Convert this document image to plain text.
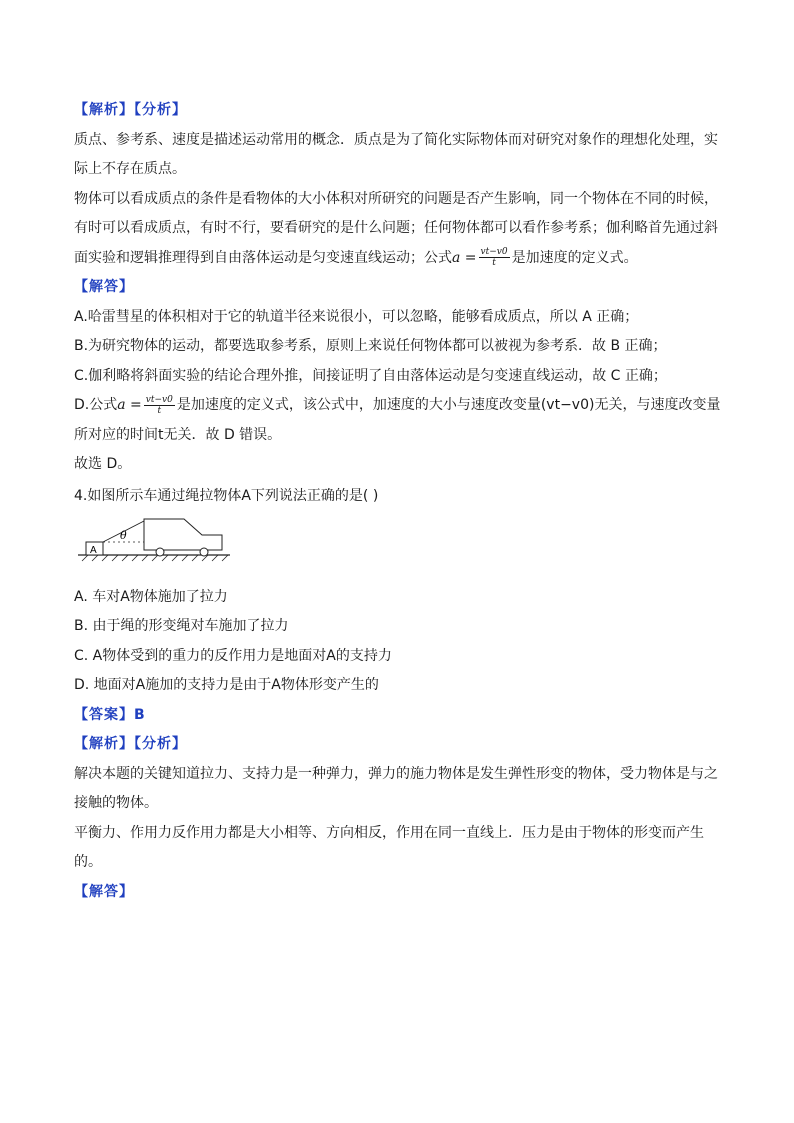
【解析】【分析】
质点、参考系、速度是描述运动常用的概念．质点是为了简化实际物体而对研究对象作的理想化处理，实际上不存在质点。
物体可以看成质点的条件是看物体的大小体积对所研究的问题是否产生影响，同一个物体在不同的时候，有时可以看成质点，有时不行，要看研究的是什么问题；任何物体都可以看作参考系；伽利略首先通过斜面实验和逻辑推理得到自由落体运动是匀变速直线运动；公式$a = \frac{vt-v0}{t}$ 是加速度的定义式。
【解答】
A.哈雷彗星的体积相对于它的轨道半径来说很小，可以忽略，能够看成质点，所以 A 正确；
B.为研究物体的运动，都要选取参考系，原则上来说任何物体都可以被视为参考系．故 B 正确；
C.伽利略将斜面实验的结论合理外推，间接证明了自由落体运动是匀变速直线运动，故 C 正确；
D.公式$a = \frac{vt-v0}{t}$ 是加速度的定义式，该公式中，加速度的大小与速度改变量(vt−v0)无关，与速度改变量所对应的时间t无关．故 D 错误。
故选 D。
4.如图所示车通过绳拉物体A下列说法正确的是( )
A
θ
A. 车对A物体施加了拉力
B. 由于绳的形变绳对车施加了拉力
C. A物体受到的重力的反作用力是地面对A的支持力
D. 地面对A施加的支持力是由于A物体形变产生的
【答案】B
【解析】【分析】
解决本题的关键知道拉力、支持力是一种弹力，弹力的施力物体是发生弹性形变的物体，受力物体是与之接触的物体。
平衡力、作用力反作用力都是大小相等、方向相反，作用在同一直线上．压力是由于物体的形变而产生的。
【解答】
